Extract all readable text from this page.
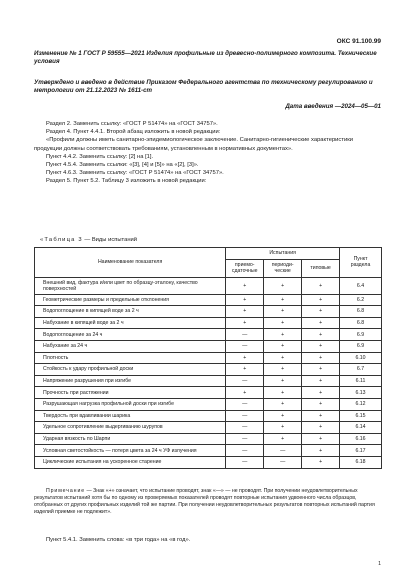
ОКС 91.100.99
Изменение № 1 ГОСТ Р 59555—2021 Изделия профильные из древесно-полимерного композита. Технические условия
Утверждено и введено в действие Приказом Федерального агентства по техническому регулированию и метрологии от 21.12.2023 № 1611-ст
Дата введения —2024—05—01

Раздел 2. Заменить ссылку: «ГОСТ Р 51474» на «ГОСТ 34757».

Раздел 4. Пункт 4.4.1. Второй абзац изложить в новой редакции:

«Профили должны иметь санитарно-эпидемиологическое заключение. Санитарно-гигиенические характеристики продукции должны соответствовать требованиям, установленным в нормативных документах».

Пункт 4.4.2. Заменить ссылку: [2] на [1].

Пункт 4.5.4. Заменить ссылки: «[3], [4] и [5]» на «[2], [3]».

Пункт 4.6.3. Заменить ссылку: «ГОСТ Р 51474» на «ГОСТ 34757».

Раздел 5. Пункт 5.2. Таблицу 3 изложить в новой редакции:

«Таблица 3 — Виды испытаний
Наименование показателя	Испытания			Пункт раздела
	приемо-сдаточные	периоди-ческие	типовые	
Внешний вид, фактура и/или цвет по образцу-эталону, качество поверхностей	+	+	+	6.4
Геометрические размеры и предельные отклонения	+	+	+	6.2
Водопоглощение в кипящей воде за 2 ч	+	+	+	6.8
Набухание в кипящей воде за 2 ч	+	+	+	6.8
Водопоглощение за 24 ч	—	+	+	6.9
Набухание за 24 ч	—	+	+	6.9
Плотность	+	+	+	6.10
Стойкость к удару профильной доски	+	+	+	6.7
Напряжение разрушения при изгибе	—	+	+	6.11
Прочность при растяжении	+	+	+	6.13
Разрушающая нагрузка профильной доски при изгибе	—	+	+	6.12
Твердость при вдавливании шарика	—	+	+	6.15
Удельное сопротивление выдергиванию шурупов	—	+	+	6.14
Ударная вязкость по Шарпи	—	+	+	6.16
Условная светостойкость — потеря цвета за 24 ч УФ излучения	—	—	+	6.17
Циклические испытания на ускоренное старение	—	—	+	6.18
Примечание — Знак «+» означает, что испытание проводят, знак «—» — не проводят. При получении неудовлетворительных результатов испытаний хотя бы по одному из проверяемых показателей проводят повторные испытания удвоенного числа образцов, отобранных от других профильных изделий той же партии. При получении неудовлетворительных результатов повторных испытаний партия изделий приемке не подлежит».
Пункт 5.4.1. Заменить слова: «в три года» на «в год».
1
